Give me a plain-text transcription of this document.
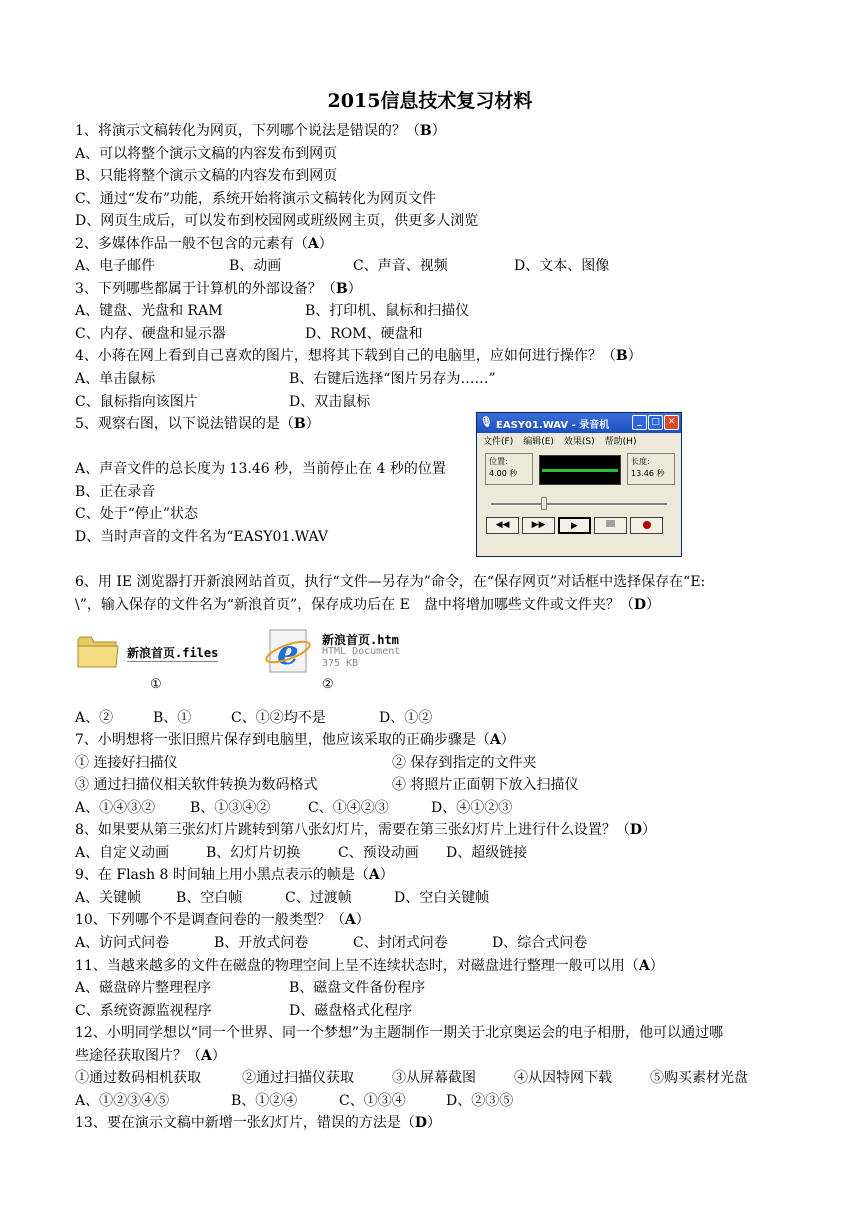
2015信息技术复习材料
1、将演示文稿转化为网页，下列哪个说法是错误的？（B）
A、可以将整个演示文稿的内容发布到网页
B、只能将整个演示文稿的内容发布到网页
C、通过“发布”功能，系统开始将演示文稿转化为网页文件
D、网页生成后，可以发布到校园网或班级网主页，供更多人浏览
2、多媒体作品一般不包含的元素有（A）
A、电子邮件	B、动画	C、声音、视频	D、文本、图像
3、下列哪些都属于计算机的外部设备？（B）
A、键盘、光盘和 RAM	B、打印机、鼠标和扫描仪
C、内存、硬盘和显示器	D、ROM、硬盘和
4、小蒋在网上看到自己喜欢的图片，想将其下载到自己的电脑里，应如何进行操作？（B）
A、单击鼠标	B、右键后选择“图片另存为……”
C、鼠标指向该图片	D、双击鼠标
5、观察右图，以下说法错误的是（B）
A、声音文件的总长度为 13.46 秒，当前停止在 4 秒的位置
B、正在录音
C、处于“停止”状态
D、当时声音的文件名为“EASY01.WAV
🎙 EASY01.WAV - 录音机	_	□ ✕
文件(F) 编辑(E) 效果(S) 帮助(H)
位置:
4.00 秒
长度:
13.46 秒
◀◀	▶▶	▶
6、用 IE 浏览器打开新浪网站首页，执行“文件—另存为”命令，在“保存网页”对话框中选择保存在“E:
\”，输入保存的文件名为“新浪首页”，保存成功后在 E　盘中将增加哪些文件或文件夹？（D）
新浪首页.files
①
e 新浪首页.htm
HTML Document
375 KB
②
A、②	B、①	C、①②均不是	D、①②
7、小明想将一张旧照片保存到电脑里，他应该采取的正确步骤是（A）
① 连接好扫描仪	② 保存到指定的文件夹
③ 通过扫描仪相关软件转换为数码格式	④ 将照片正面朝下放入扫描仪
A、①④③② B、①③④②	C、①④②③	D、④①②③
8、如果要从第三张幻灯片跳转到第八张幻灯片，需要在第三张幻灯片上进行什么设置？（D）
A、自定义动画	B、幻灯片切换	C、预设动画 D、超级链接
9、在 Flash 8 时间轴上用小黑点表示的帧是（A）
A、关键帧 B、空白帧	C、过渡帧	D、空白关键帧
10、下列哪个不是调查问卷的一般类型？（A）
A、访问式问卷	B、开放式问卷	C、封闭式问卷	D、综合式问卷
11、当越来越多的文件在磁盘的物理空间上呈不连续状态时，对磁盘进行整理一般可以用（A）
A、磁盘碎片整理程序	B、磁盘文件备份程序
C、系统资源监视程序	D、磁盘格式化程序
12、小明同学想以“同一个世界、同一个梦想”为主题制作一期关于北京奥运会的电子相册，他可以通过哪
些途径获取图片？（A）
①通过数码相机获取	②通过扫描仪获取	③从屏幕截图	④从因特网下载	⑤购买素材光盘
A、①②③④⑤	B、①②④	C、①③④	D、②③⑤
13、要在演示文稿中新增一张幻灯片，错误的方法是（D）
